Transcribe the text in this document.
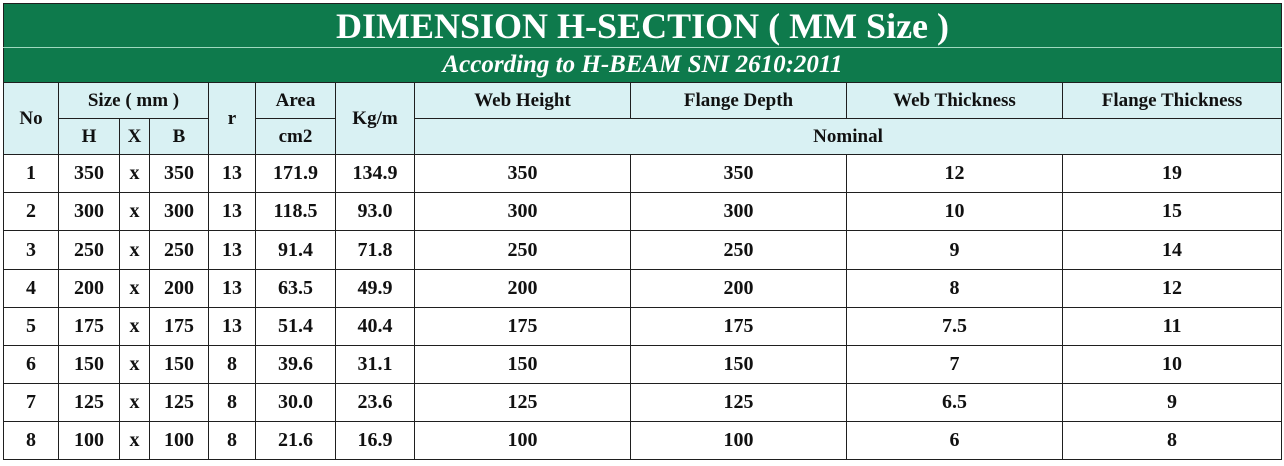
DIMENSION H-SECTION ( MM Size )										
According to H-BEAM SNI 2610:2011										
No	Size ( mm )			r	Area	Kg/m	Web Height	Flange Depth	Web Thickness	Flange Thickness
	H	X	B		cm2		Nominal			
1	350	x	350	13	171.9	134.9	350	350	12	19
2	300	x	300	13	118.5	93.0	300	300	10	15
3	250	x	250	13	91.4	71.8	250	250	9	14
4	200	x	200	13	63.5	49.9	200	200	8	12
5	175	x	175	13	51.4	40.4	175	175	7.5	11
6	150	x	150	8	39.6	31.1	150	150	7	10
7	125	x	125	8	30.0	23.6	125	125	6.5	9
8	100	x	100	8	21.6	16.9	100	100	6	8
